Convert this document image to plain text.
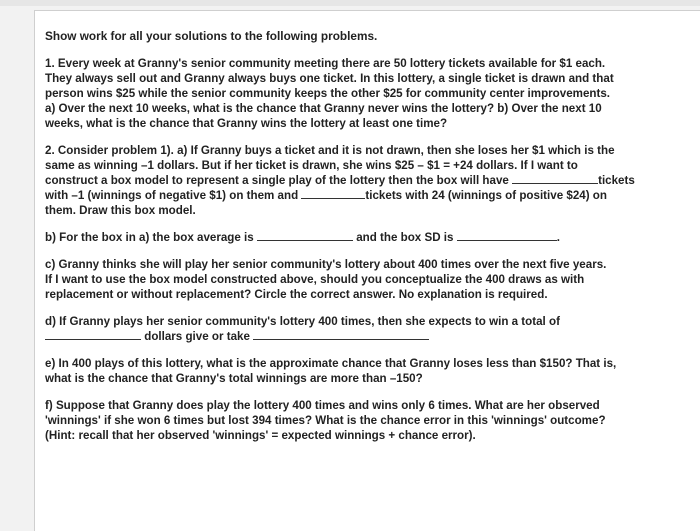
Show work for all your solutions to the following problems.
1. Every week at Granny's senior community meeting there are 50 lottery tickets available for $1 each.
They always sell out and Granny always buys one ticket. In this lottery, a single ticket is drawn and that
person wins $25 while the senior community keeps the other $25 for community center improvements.
a) Over the next 10 weeks, what is the chance that Granny never wins the lottery? b) Over the next 10
weeks, what is the chance that Granny wins the lottery at least one time?
2. Consider problem 1). a) If Granny buys a ticket and it is not drawn, then she loses her $1 which is the
same as winning –1 dollars. But if her ticket is drawn, she wins $25 – $1 = +24 dollars. If I want to
construct a box model to represent a single play of the lottery then the box will have	tickets
with –1 (winnings of negative $1) on them and	tickets with 24 (winnings of positive $24) on
them. Draw this box model.
b) For the box in a) the box average is	and the box SD is	.
c) Granny thinks she will play her senior community's lottery about 400 times over the next five years.
If I want to use the box model constructed above, should you conceptualize the 400 draws as with
replacement or without replacement? Circle the correct answer. No explanation is required.
d) If Granny plays her senior community's lottery 400 times, then she expects to win a total of
dollars give or take
e) In 400 plays of this lottery, what is the approximate chance that Granny loses less than $150? That is,
what is the chance that Granny's total winnings are more than –150?
f) Suppose that Granny does play the lottery 400 times and wins only 6 times. What are her observed
'winnings' if she won 6 times but lost 394 times? What is the chance error in this 'winnings' outcome?
(Hint: recall that her observed 'winnings' = expected winnings + chance error).
